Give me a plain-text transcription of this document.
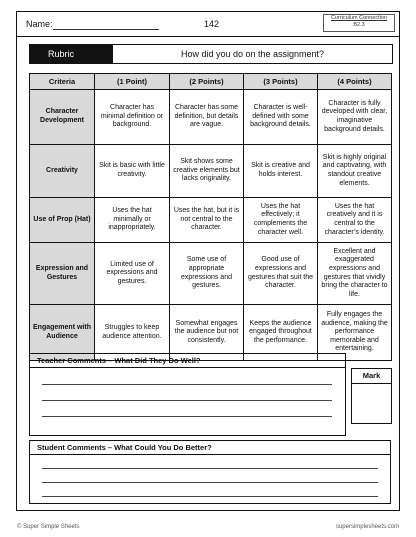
Name:	142
Curriculum Connection
B2.3
Rubric	How did you do on the assignment?
Criteria	(1 Point)	(2 Points)	(3 Points)	(4 Points)
Character Development	Character has minimal definition or background.	Character has some definition, but details are vague.	Character is well-defined with some background details.	Character is fully developed with clear, imaginative background details.
Creativity	Skit is basic with little creativity.	Skit shows some creative elements but lacks originality.	Skit is creative and holds interest.	Skit is highly original and captivating, with standout creative elements.
Use of Prop (Hat)	Uses the hat minimally or inappropriately.	Uses the hat, but it is not central to the character.	Uses the hat effectively; it complements the character well.	Uses the hat creatively and it is central to the character’s identity.
Expression and Gestures	Limited use of expressions and gestures.	Some use of appropriate expressions and gestures.	Good use of expressions and gestures that suit the character.	Excellent and exaggerated expressions and gestures that vividly bring the character to life.
Engagement with Audience	Struggles to keep audience attention.	Somewhat engages the audience but not consistently.	Keeps the audience engaged throughout the performance.	Fully engages the audience, making the performance memorable and entertaining.
Teacher Comments – What Did They Do Well?
Mark
Student Comments – What Could You Do Better?
© Super Simple Sheets	supersimplesheets.com
